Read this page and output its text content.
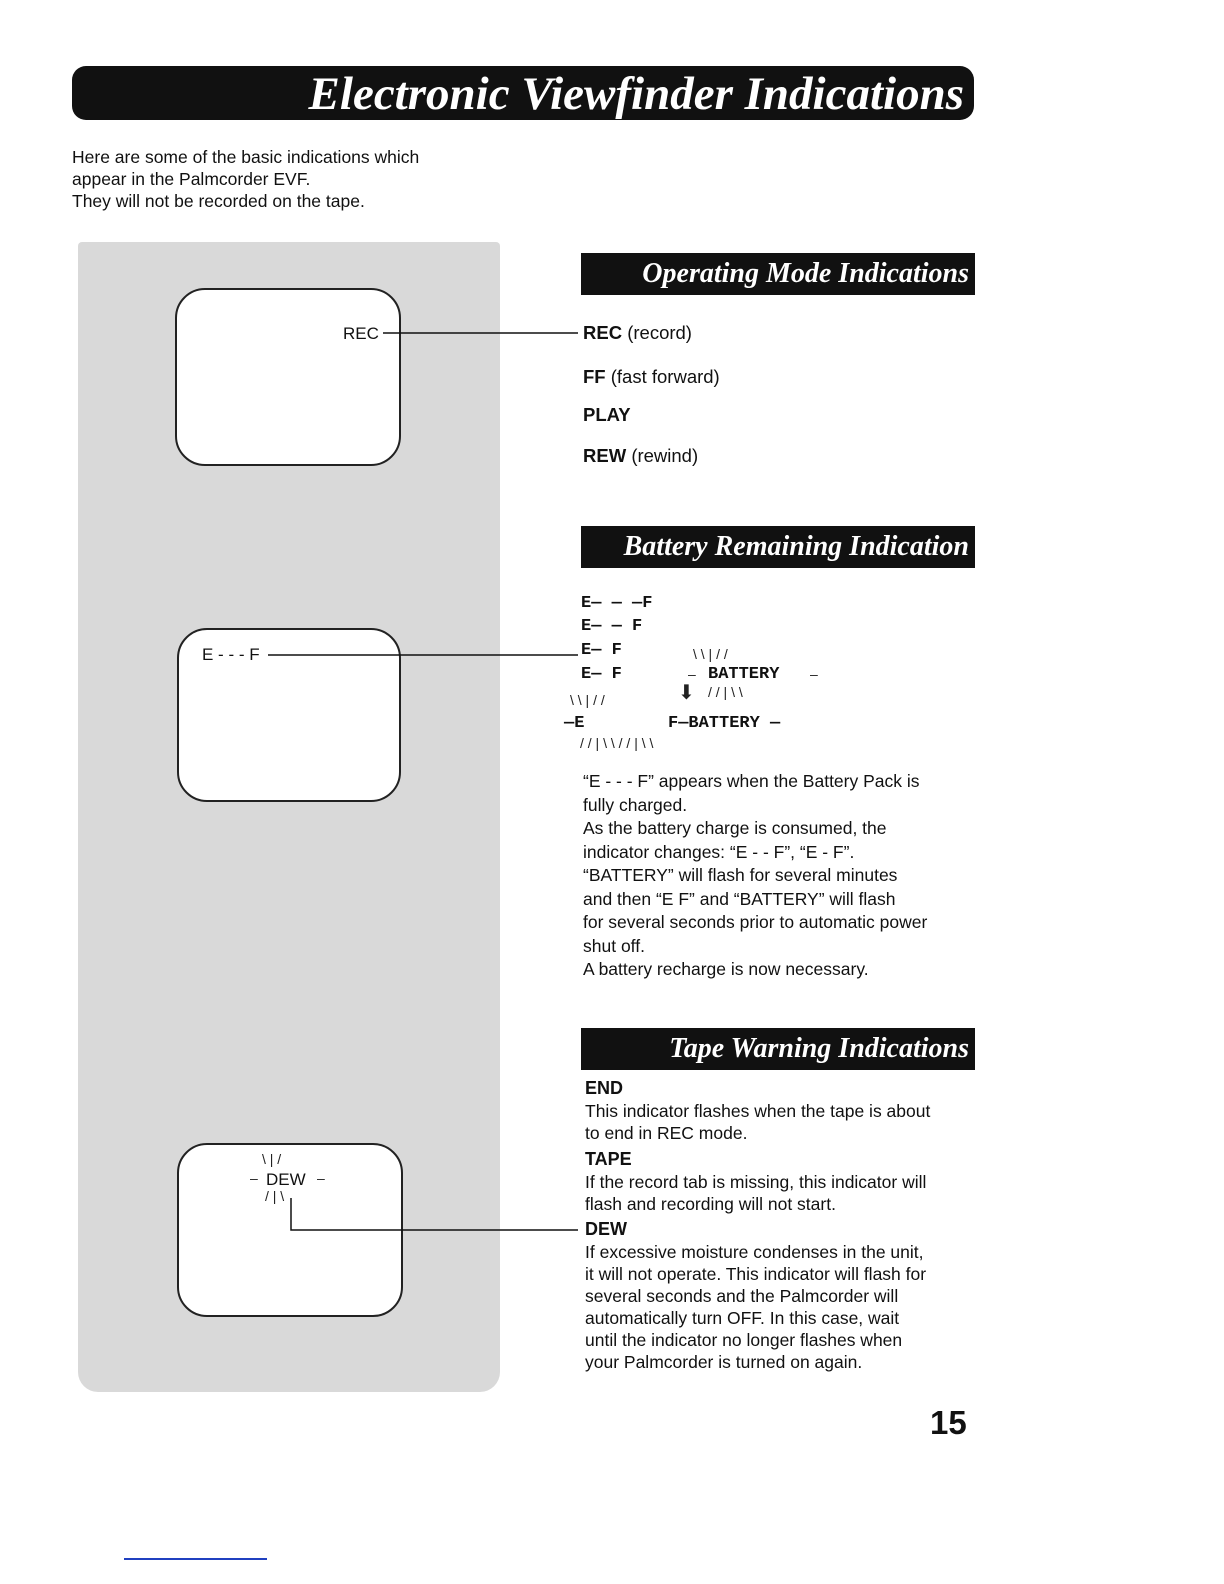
Electronic Viewfinder Indications
Here are some of the basic indications which
appear in the Palmcorder EVF.
They will not be recorded on the tape.
REC
E - - - F
DEW
\ | /
–	–
/ | \
Operating Mode Indications
REC (record)
FF (fast forward)
PLAY
REW (rewind)
Battery Remaining Indication
E— — —F
E— — F
E— F
E— F	BATTERY
\ \ | / /
–	–
\ \ | / /	/ / | \ \
⬇
—E	F—BATTERY —
/ / | \ \ / / | \ \
“E - - - F” appears when the Battery Pack is
fully charged.
As the battery charge is consumed, the
indicator changes: “E - - F”, “E - F”.
“BATTERY” will flash for several minutes
and then “E F” and “BATTERY” will flash
for several seconds prior to automatic power
shut off.
A battery recharge is now necessary.
Tape Warning Indications
END
This indicator flashes when the tape is about
to end in REC mode.
TAPE
If the record tab is missing, this indicator will
flash and recording will not start.
DEW
If excessive moisture condenses in the unit,
it will not operate. This indicator will flash for
several seconds and the Palmcorder will
automatically turn OFF. In this case, wait
until the indicator no longer flashes when
your Palmcorder is turned on again.
15
